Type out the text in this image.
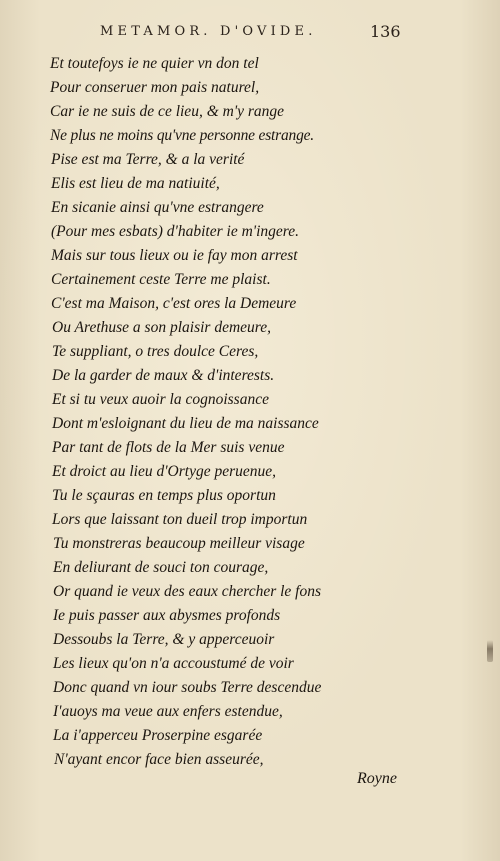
METAMOR. D'OVIDE.	136
Et toutefoys ie ne quier vn don tel
Pour conseruer mon pais naturel,
Car ie ne suis de ce lieu, & m'y range
Ne plus ne moins qu'vne personne estrange.
Pise est ma Terre, & a la verité
Elis est lieu de ma natiuité,
En sicanie ainsi qu'vne estrangere
(Pour mes esbats) d'habiter ie m'ingere.
Mais sur tous lieux ou ie fay mon arrest
Certainement ceste Terre me plaist.
C'est ma Maison, c'est ores la Demeure
Ou Arethuse a son plaisir demeure,
Te suppliant, o tres doulce Ceres,
De la garder de maux & d'interests.
Et si tu veux auoir la cognoissance
Dont m'esloignant du lieu de ma naissance
Par tant de flots de la Mer suis venue
Et droict au lieu d'Ortyge peruenue,
Tu le sçauras en temps plus oportun
Lors que laissant ton dueil trop importun
Tu monstreras beaucoup meilleur visage
En deliurant de souci ton courage,
Or quand ie veux des eaux chercher le fons
Ie puis passer aux abysmes profonds
Dessoubs la Terre, & y apperceuoir
Les lieux qu'on n'a accoustumé de voir
Donc quand vn iour soubs Terre descendue
I'auoys ma veue aux enfers estendue,
La i'apperceu Proserpine esgarée
N'ayant encor face bien asseurée,
Royne
